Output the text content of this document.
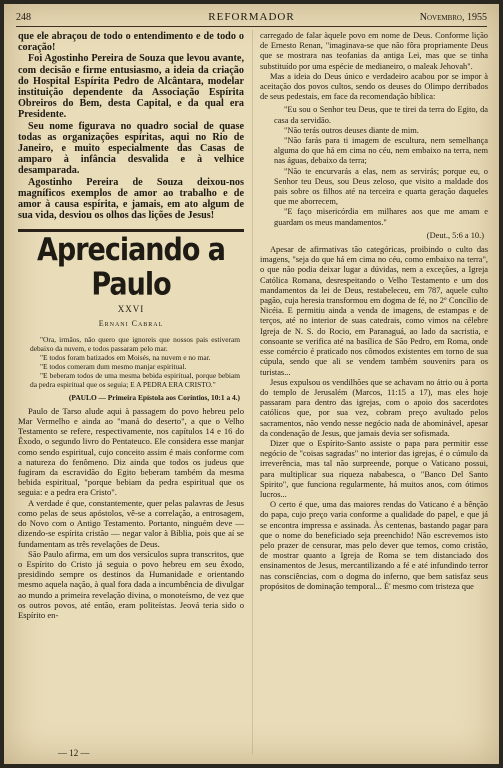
248	REFORMADOR	Novembro, 1955

que ele abraçou de todo o entendimento e de todo o coração!

Foi Agostinho Pereira de Souza que levou avante, com decisão e firme entusiasmo, a ideia da criação do Hospital Espírita Pedro de Alcântara, modelar instituição dependente da Associação Espírita Obreiros do Bem, desta Capital, e da qual era Presidente.

Seu nome figurava no quadro social de quase todas as organizações espíritas, aqui no Rio de Janeiro, e muito especialmente das Casas de amparo à infância desvalida e à velhice desamparada.

Agostinho Pereira de Souza deixou-nos magníficos exemplos de amor ao trabalho e de amor à causa espírita, e jamais, em ato algum de sua vida, desviou os olhos das lições de Jesus!

Apreciando a Paulo
XXVI
Ernani Cabral

"Ora, irmãos, não quero que ignoreis que nossos pais estiveram debaixo da nuvem, e todos passaram pelo mar.

"E todos foram batizados em Moisés, na nuvem e no mar.

"E todos comeram dum mesmo manjar espiritual.

"E beberam todos de uma mesma bebida espiritual, porque bebiam da pedra espiritual que os seguia; E A PEDRA ERA CRISTO."

(PAULO — Primeira Epístola aos Coríntios, 10:1 a 4.)

Paulo de Tarso alude aqui à passagem do povo hebreu pelo Mar Vermelho e ainda ao "maná do deserto", a que o Velho Testamento se refere, respectivamente, nos capítulos 14 e 16 do Êxodo, o segundo livro do Pentateuco. Ele considera esse manjar como sendo espiritual, cujo conceito assim é mais conforme com a natureza do fenômeno. Diz ainda que todos os judeus que fugiram da escravidão do Egito beberam também da mesma bebida espiritual, "porque bebiam da pedra espiritual que os seguia: e a pedra era Cristo".

A verdade é que, constantemente, quer pelas palavras de Jesus como pelas de seus apóstolos, vê-se a correlação, a entrosagem, do Novo com o Antigo Testamento. Portanto, ninguém deve — dizendo-se espírita cristão — negar valor à Bíblia, pois que aí se fundamentam as três revelações de Deus.

São Paulo afirma, em um dos versículos supra transcritos, que o Espírito do Cristo já seguia o povo hebreu em seu êxodo, presidindo sempre os destinos da Humanidade e orientando mesmo aquela nação, à qual fora dada a incumbência de divulgar ao mundo a primeira revelação divina, o monoteísmo, de vez que os outros povos, até então, eram politeístas. Jeová teria sido o Espírito en-

carregado de falar àquele povo em nome de Deus. Conforme lição de Ernesto Renan, "imaginava-se que não fôra propriamente Deus que se mostrara nas teofanias da antiga Lei, mas que se tinha substituído por uma espécie de medianeiro, o maleak Jehovah".

Mas a ideia do Deus único e verdadeiro acabou por se impor à aceitação dos povos cultos, sendo os deuses do Olimpo derribados de seus pedestais, em face da recomendação bíblica:

"Eu sou o Senhor teu Deus, que te tirei da terra do Egito, da casa da servidão.

"Não terás outros deuses diante de mim.

"Não farás para ti imagem de escultura, nem semelhança alguma do que há em cima no céu, nem embaixo na terra, nem nas águas, debaixo da terra;

"Não te encurvarás a elas, nem as servirás; porque eu, o Senhor teu Deus, sou Deus zeloso, que visito a maldade dos pais sobre os filhos até na terceira e quarta geração daqueles que me aborrecem,

"E faço misericórdia em milhares aos que me amam e guardam os meus mandamentos."

(Deut., 5:6 a 10.)

Apesar de afirmativas tão categóricas, proibindo o culto das imagens, "seja do que há em cima no céu, como embaixo na terra", o que não podia deixar lugar a dúvidas, nem a exceções, a Igreja Católica Romana, desrespeitando o Velho Testamento e um dos mandamentos da lei de Deus, restabeleceu, em 787, aquele culto pagão, cuja heresia transformou em dogma de fé, no 2º Concílio de Nicéia. E permitiu ainda a venda de imagens, de estampas e de terços, até no interior de suas catedrais, como vimos na célebre Igreja de N. S. do Rocio, em Paranaguá, ao lado da sacristia, e consoante se verifica até na basílica de São Pedro, em Roma, onde esse comércio é praticado nos cômodos existentes em torno de sua cúpula, sendo que ali se vendem também souvenirs para os turistas...

Jesus expulsou os vendilhões que se achavam no átrio ou à porta do templo de Jerusalém (Marcos, 11:15 a 17), mas eles hoje passaram para dentro das igrejas, com o apoio dos sacerdotes católicos que, por sua vez, cobram preço avultado pelos sacramentos, não vendo nesse negócio nada de abominável, apesar da condenação de Jesus, que jamais devia ser sofismada.

Dizer que o Espírito-Santo assiste o papa para permitir esse negócio de "coisas sagradas" no interior das igrejas, é o cúmulo da irreverência, mas tal não surpreende, porque o Vaticano possui, para multiplicar sua riqueza nababesca, o "Banco Del Santo Spirito", que funciona regularmente, há muitos anos, com ótimos lucros...

O certo é que, uma das maiores rendas do Vaticano é a bênção do papa, cujo preço varia conforme a qualidade do papel, e que já se encontra impressa e assinada. Às centenas, bastando pagar para que o nome do beneficiado seja preenchido! Não escrevemos isto pelo prazer de censurar, mas pelo dever que temos, como cristão, de mostrar quanto a Igreja de Roma se tem distanciado dos ensinamentos de Jesus, mercantilizando a fé e até infundindo terror nas consciências, com o dogma do inferno, que bem satisfaz seus propósitos de dominação temporal... É' mesmo com tristeza que

— 12 —
